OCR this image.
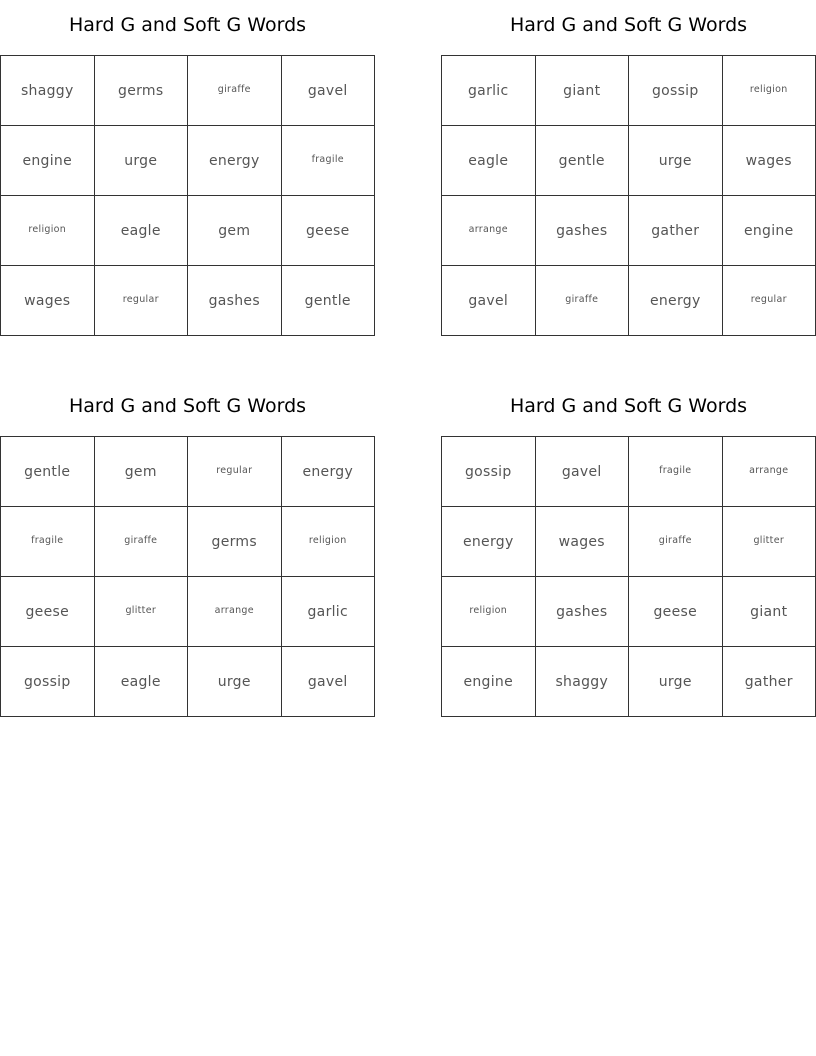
Hard G and Soft G Words
shaggy	germs	giraffe	gavel
engine	urge	energy	fragile
religion	eagle	gem	geese
wages	regular	gashes	gentle
Hard G and Soft G Words
garlic	giant	gossip	religion
eagle	gentle	urge	wages
arrange	gashes	gather	engine
gavel	giraffe	energy	regular
Hard G and Soft G Words
gentle	gem	regular	energy
fragile	giraffe	germs	religion
geese	glitter	arrange	garlic
gossip	eagle	urge	gavel
Hard G and Soft G Words
gossip	gavel	fragile	arrange
energy	wages	giraffe	glitter
religion	gashes	geese	giant
engine	shaggy	urge	gather
